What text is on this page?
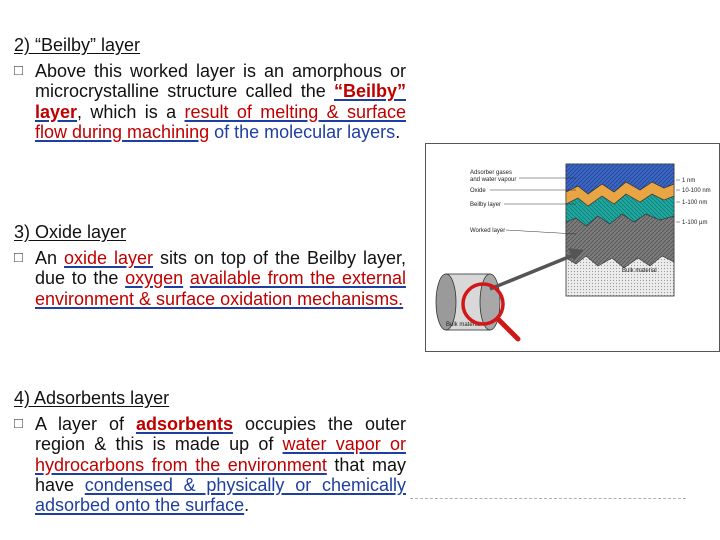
2) “Beilby” layer
□ Above this worked layer is an amorphous or microcrystalline structure called the “Beilby” layer, which is a result of melting & surface flow during machining of the molecular layers.
3) Oxide layer
□ An oxide layer sits on top of the Beilby layer, due to the oxygen available from the external environment & surface oxidation mechanisms.
4) Adsorbents layer
□ A layer of adsorbents occupies the outer region & this is made up of water vapor or hydrocarbons from the environment that may have condensed & physically or chemically adsorbed onto the surface.
Adsorber gases
and water vapour
Oxide
Beilby layer
Worked layer
Bulk material
1 nm
10-100 nm
1-100 nm
1-100 µm
Bulk material
